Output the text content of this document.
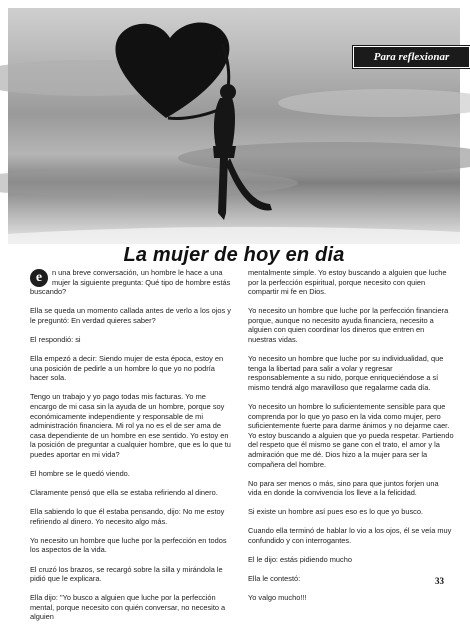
Para reflexionar
La mujer de hoy en dia

e	n una breve conversación, un hombre le hace a una mujer la siguiente pregunta: Qué tipo de hombre estás buscando?

Ella se queda un momento callada antes de verlo a los ojos y le preguntó: En verdad quieres saber?

El respondió: si

Ella empezó a decir: Siendo mujer de esta época, estoy en una posición de pedirle a un hombre lo que yo no podría hacer sola.

Tengo un trabajo y yo pago todas mis facturas. Yo me encargo de mi casa sin la ayuda de un hombre, porque soy económicamente independiente y responsable de mi administración financiera. Mi rol ya no es el de ser ama de casa dependiente de un hombre en ese sentido. Yo estoy en la posición de preguntar a cualquier hombre, que es lo que tu puedes aportar en mi vida?

El hombre se le quedó viendo.

Claramente pensó que ella se estaba refiriendo al dinero.

Ella sabiendo lo que él estaba pensando, dijo: No me estoy refiriendo al dinero. Yo necesito algo más.

Yo necesito un hombre que luche por la perfección en todos los aspectos de la vida.

El cruzó los brazos, se recargó sobre la silla y mirándola le pidió que le explicara.

Ella dijo: "Yo busco a alguien que luche por la perfección mental, porque necesito con quién conversar, no necesito a alguien

mentalmente simple. Yo estoy buscando a alguien que luche por la perfección espiritual, porque necesito con quien compartir mi fe en Dios.

Yo necesito un hombre que luche por la perfección financiera porque, aunque no necesito ayuda financiera, necesito a alguien con quien coordinar los dineros que entren en nuestras vidas.

Yo necesito un hombre que luche por su individualidad, que tenga la libertad para salir a volar y regresar responsablemente a su nido, porque enriqueciéndose a sí mismo tendrá algo maravilloso que regalarme cada día.

Yo necesito un hombre lo suficientemente sensible para que comprenda por lo que yo paso en la vida como mujer, pero suficientemente fuerte para darme ánimos y no dejarme caer. Yo estoy buscando a alguien que yo pueda respetar. Partiendo del respeto que él mismo se gane con el trato, el amor y la admiración que me dé. Dios hizo a la mujer para ser la compañera del hombre.

No para ser menos o más, sino para que juntos forjen una vida en donde la convivencia los lleve a la felicidad.

Si existe un hombre así pues eso es lo que yo busco.

Cuando ella terminó de hablar lo vio a los ojos, él se veía muy confundido y con interrogantes.

El le dijo: estás pidiendo mucho

Ella le contestó:

Yo valgo mucho!!!

33
